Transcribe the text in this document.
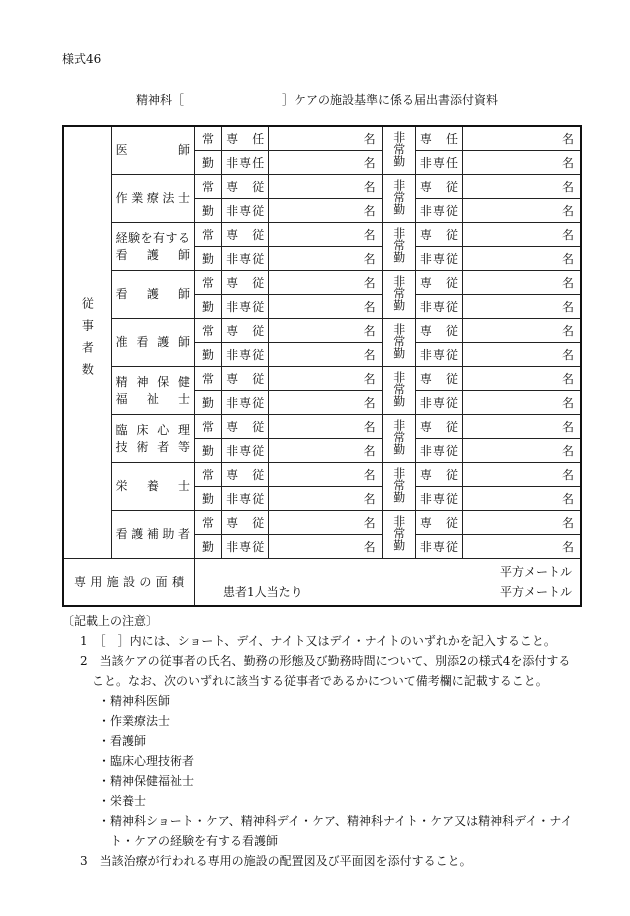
様式46
精神科［	］ケアの施設基準に係る届出書添付資料
従事者数	医　　　師	常	専　任	名	非常勤	専　任	名
		勤	非専任	名		非専任	名

	作業療法士	常	専　従	名	非常勤	専　従	名
		勤	非専従	名		非専従	名

	経験を有する
看　護　師	常	専　従	名	非常勤	専　従	名
		勤	非専従	名		非専従	名

	看　護　師	常	専　従	名	非常勤	専　従	名
		勤	非専従	名		非専従	名

	准看護師	常	専　従	名	非常勤	専　従	名
		勤	非専従	名		非専従	名

	精神保健
福　祉　士	常	専　従	名	非常勤	専　従	名
		勤	非専従	名		非専従	名

	臨床心理
技術者等	常	専　従	名	非常勤	専　従	名
		勤	非専従	名		非専従	名

	栄　養　士	常	専　従	名	非常勤	専　従	名
		勤	非専従	名		非専従	名

	看護補助者	常	専　従	名	非常勤	専　従	名
		勤	非専従	名		非専従	名
専用施設の面積		平方メートル
患者1人当たり 平方メートル					
〔記載上の注意〕
1　［　］内には、ショート、デイ、ナイト又はデイ・ナイトのいずれかを記入すること。
2　当該ケアの従事者の氏名、勤務の形態及び勤務時間について、別添2の様式4を添付する
こと。なお、次のいずれに該当する従事者であるかについて備考欄に記載すること。
・精神科医師
・作業療法士
・看護師
・臨床心理技術者
・精神保健福祉士
・栄養士
・精神科ショート・ケア、精神科デイ・ケア、精神科ナイト・ケア又は精神科デイ・ナイ
ト・ケアの経験を有する看護師
3　当該治療が行われる専用の施設の配置図及び平面図を添付すること。
